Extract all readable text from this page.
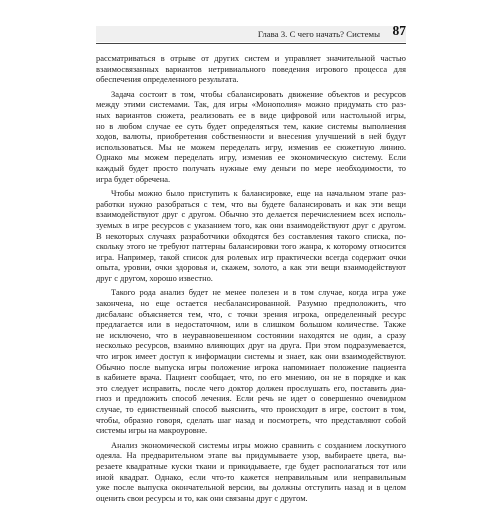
Глава 3. С чего начать? Системы 87
рассматриваться в отрыве от других систем и управляет значительной частью
взаимосвязанных вариантов нетривиального поведения игрового процесса для
обеспечения определенного результата.
Задача состоит в том, чтобы сбалансировать движение объектов и ресурсов
между этими системами. Так, для игры «Монополия» можно придумать сто раз-
ных вариантов сюжета, реализовать ее в виде цифровой или настольной игры,
но в любом случае ее суть будет определяться тем, какие системы выполнения
ходов, валюты, приобретения собственности и внесения улучшений в ней будут
использоваться. Мы не можем переделать игру, изменив ее сюжетную линию.
Однако мы можем переделать игру, изменив ее экономическую систему. Если
каждый будет просто получать нужные ему деньги по мере необходимости, то
игра будет обречена.
Чтобы можно было приступить к балансировке, еще на начальном этапе раз-
работки нужно разобраться с тем, что вы будете балансировать и как эти вещи
взаимодействуют друг с другом. Обычно это делается перечислением всех исполь-
зуемых в игре ресурсов с указанием того, как они взаимодействуют друг с другом.
В некоторых случаях разработчики обходятся без составления такого списка, по-
скольку этого не требуют паттерны балансировки того жанра, к которому относится
игра. Например, такой список для ролевых игр практически всегда содержит очки
опыта, уровни, очки здоровья и, скажем, золото, а как эти вещи взаимодействуют
друг с другом, хорошо известно.
Такого рода анализ будет не менее полезен и в том случае, когда игра уже
закончена, но еще остается несбалансированной. Разумно предположить, что
дисбаланс объясняется тем, что, с точки зрения игрока, определенный ресурс
предлагается или в недостаточном, или в слишком большом количестве. Также
не исключено, что в неуравновешенном состоянии находятся не один, а сразу
несколько ресурсов, взаимно влияющих друг на друга. При этом подразумевается,
что игрок имеет доступ к информации системы и знает, как они взаимодействуют.
Обычно после выпуска игры положение игрока напоминает положение пациента
в кабинете врача. Пациент сообщает, что, по его мнению, он не в порядке и как
это следует исправить, после чего доктор должен прослушать его, поставить диа-
гноз и предложить способ лечения. Если речь не идет о совершенно очевидном
случае, то единственный способ выяснить, что происходит в игре, состоит в том,
чтобы, образно говоря, сделать шаг назад и посмотреть, что представляют собой
системы игры на макроуровне.
Анализ экономической системы игры можно сравнить с созданием лоскутного
одеяла. На предварительном этапе вы придумываете узор, выбираете цвета, вы-
резаете квадратные куски ткани и прикидываете, где будет располагаться тот или
иной квадрат. Однако, если что-то кажется неправильным или неправильным
уже после выпуска окончательной версии, вы должны отступить назад и в целом
оценить свои ресурсы и то, как они связаны друг с другом.
